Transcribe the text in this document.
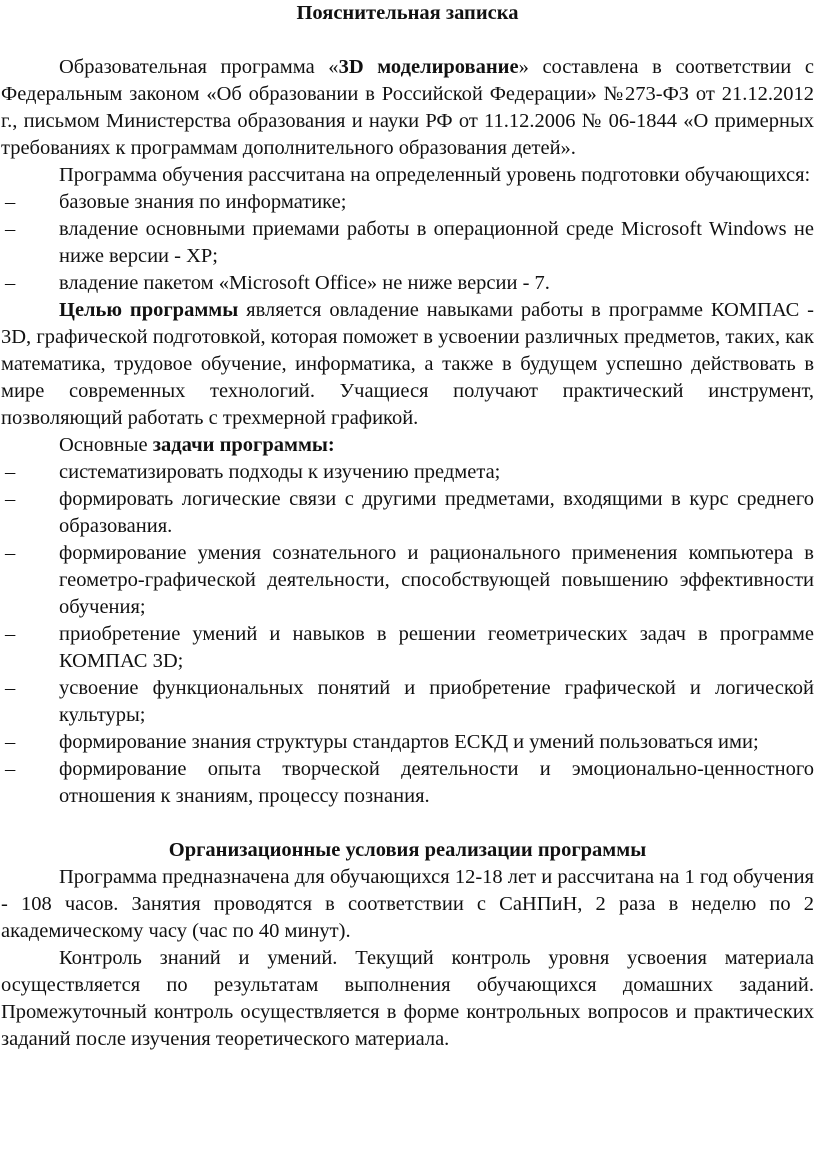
Пояснительная записка

Образовательная программа «3D моделирование» составлена в соответствии с Федеральным законом «Об образовании в Российской Федерации» №273-ФЗ от 21.12.2012 г., письмом Министерства образования и науки РФ от 11.12.2006 № 06-1844 «О примерных требованиях к программам дополнительного образования детей».

Программа обучения рассчитана на определенный уровень подготовки обучающихся:

– базовые знания по информатике;
– владение основными приемами работы в операционной среде Microsoft Windows не ниже версии - XP;
– владение пакетом «Microsoft Office» не ниже версии - 7.

Целью программы является овладение навыками работы в программе КОМПАС - 3D, графической подготовкой, которая поможет в усвоении различных предметов, таких, как математика, трудовое обучение, информатика, а также в будущем успешно действовать в мире современных технологий. Учащиеся получают практический инструмент, позволяющий работать с трехмерной графикой.

Основные задачи программы:

– систематизировать подходы к изучению предмета;
– формировать логические связи с другими предметами, входящими в курс среднего образования.
– формирование умения сознательного и рационального применения компьютера в геометро-графической деятельности, способствующей повышению эффективности обучения;
– приобретение умений и навыков в решении геометрических задач в программе КОМПАС 3D;
– усвоение функциональных понятий и приобретение графической и логической культуры;
– формирование знания структуры стандартов ЕСКД и умений пользоваться ими;
– формирование опыта творческой деятельности и эмоционально-ценностного отношения к знаниям, процессу познания.
Организационные условия реализации программы

Программа предназначена для обучающихся 12-18 лет и рассчитана на 1 год обучения - 108 часов. Занятия проводятся в соответствии с СаНПиН, 2 раза в неделю по 2 академическому часу (час по 40 минут).

Контроль знаний и умений. Текущий контроль уровня усвоения материала осуществляется по результатам выполнения обучающихся домашних заданий. Промежуточный контроль осуществляется в форме контрольных вопросов и практических заданий после изучения теоретического материала.
